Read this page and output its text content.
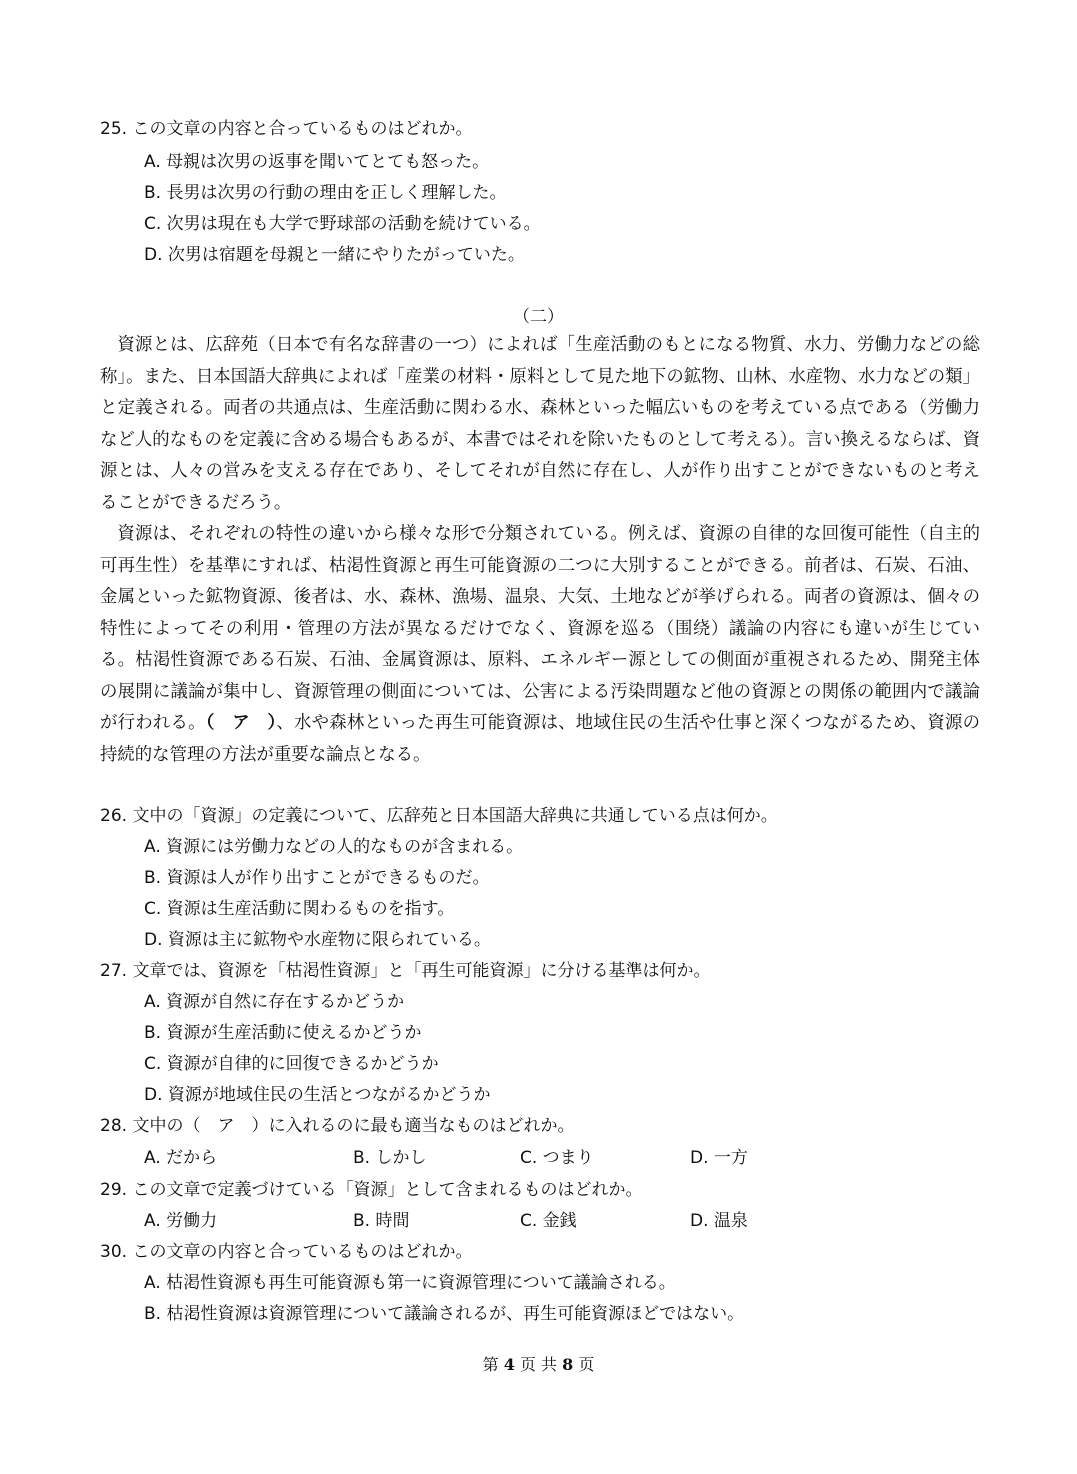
25. この文章の内容と合っているものはどれか。
A. 母親は次男の返事を聞いてとても怒った。
B. 長男は次男の行動の理由を正しく理解した。
C. 次男は現在も大学で野球部の活動を続けている。
D. 次男は宿題を母親と一緒にやりたがっていた。
（二）

資源とは、広辞苑（日本で有名な辞書の一つ）によれば「生産活動のもとになる物質、水力、労働力などの総称」。また、日本国語大辞典によれば「産業の材料・原料として見た地下の鉱物、山林、水産物、水力などの類」と定義される。両者の共通点は、生産活動に関わる水、森林といった幅広いものを考えている点である（労働力など人的なものを定義に含める場合もあるが、本書ではそれを除いたものとして考える）。言い換えるならば、資源とは、人々の営みを支える存在であり、そしてそれが自然に存在し、人が作り出すことができないものと考えることができるだろう。

資源は、それぞれの特性の違いから様々な形で分類されている。例えば、資源の自律的な回復可能性（自主的可再生性）を基準にすれば、枯渇性資源と再生可能資源の二つに大別することができる。前者は、石炭、石油、金属といった鉱物資源、後者は、水、森林、漁場、温泉、大気、土地などが挙げられる。両者の資源は、個々の特性によってその利用・管理の方法が異なるだけでなく、資源を巡る（围绕）議論の内容にも違いが生じている。枯渇性資源である石炭、石油、金属資源は、原料、エネルギー源としての側面が重視されるため、開発主体の展開に議論が集中し、資源管理の側面については、公害による汚染問題など他の資源との関係の範囲内で議論が行われる。（　ア　）、水や森林といった再生可能資源は、地域住民の生活や仕事と深くつながるため、資源の持続的な管理の方法が重要な論点となる。

26. 文中の「資源」の定義について、広辞苑と日本国語大辞典に共通している点は何か。
A. 資源には労働力などの人的なものが含まれる。
B. 資源は人が作り出すことができるものだ。
C. 資源は生産活動に関わるものを指す。
D. 資源は主に鉱物や水産物に限られている。
27. 文章では、資源を「枯渇性資源」と「再生可能資源」に分ける基準は何か。
A. 資源が自然に存在するかどうか
B. 資源が生産活動に使えるかどうか
C. 資源が自律的に回復できるかどうか
D. 資源が地域住民の生活とつながるかどうか
28. 文中の（　ア　）に入れるのに最も適当なものはどれか。
A. だから	B. しかし	C. つまり	D. 一方
29. この文章で定義づけている「資源」として含まれるものはどれか。
A. 労働力	B. 時間	C. 金銭	D. 温泉
30. この文章の内容と合っているものはどれか。
A. 枯渇性資源も再生可能資源も第一に資源管理について議論される。
B. 枯渇性資源は資源管理について議論されるが、再生可能資源ほどではない。
第 4 页 共 8 页
